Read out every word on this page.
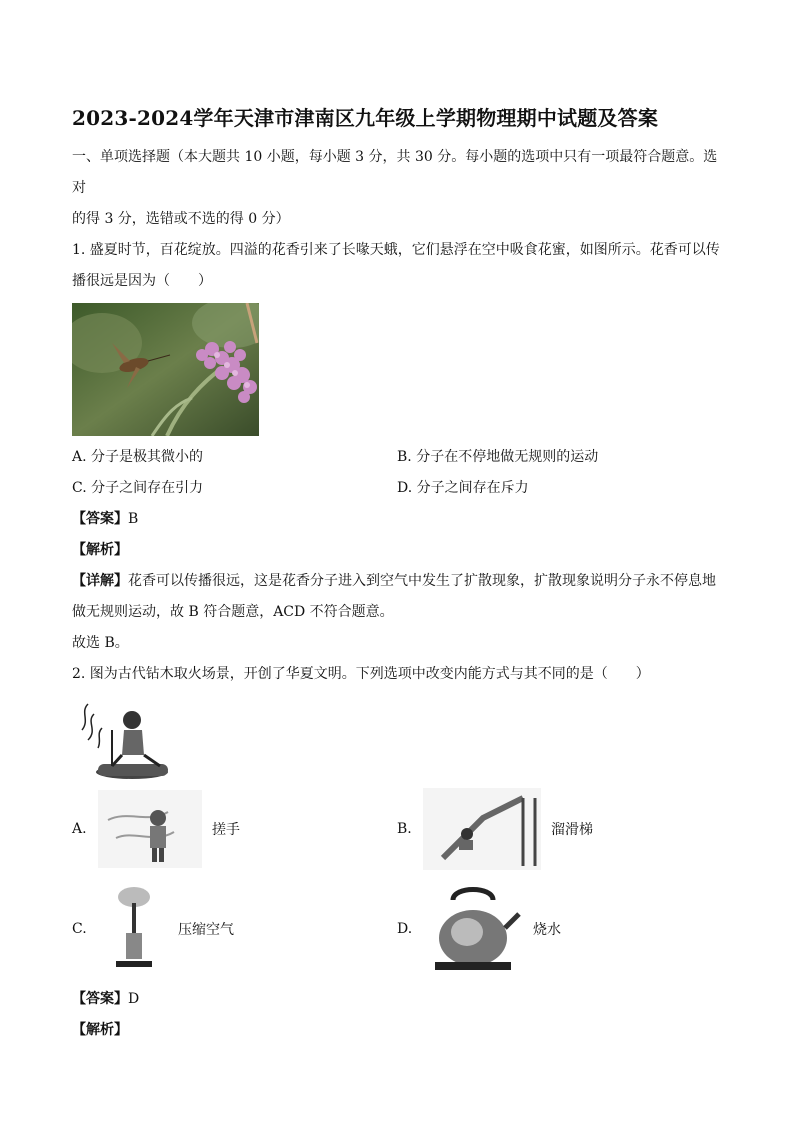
2023-2024学年天津市津南区九年级上学期物理期中试题及答案

一、单项选择题（本大题共 10 小题，每小题 3 分，共 30 分。每小题的选项中只有一项最符合题意。选对

的得 3 分，选错或不选的得 0 分）

1. 盛夏时节，百花绽放。四溢的花香引来了长喙天蛾，它们悬浮在空中吸食花蜜，如图所示。花香可以传

播很远是因为（　　）

A. 分子是极其微小的	B. 分子在不停地做无规则的运动
C. 分子之间存在引力	D. 分子之间存在斥力

【答案】B

【解析】

【详解】花香可以传播很远，这是花香分子进入到空气中发生了扩散现象，扩散现象说明分子永不停息地

做无规则运动，故 B 符合题意，ACD 不符合题意。

故选 B。

2. 图为古代钻木取火场景，开创了华夏文明。下列选项中改变内能方式与其不同的是（　　）

A.	搓手	B.	溜滑梯
C.	压缩空气	D.	烧水

【答案】D

【解析】
